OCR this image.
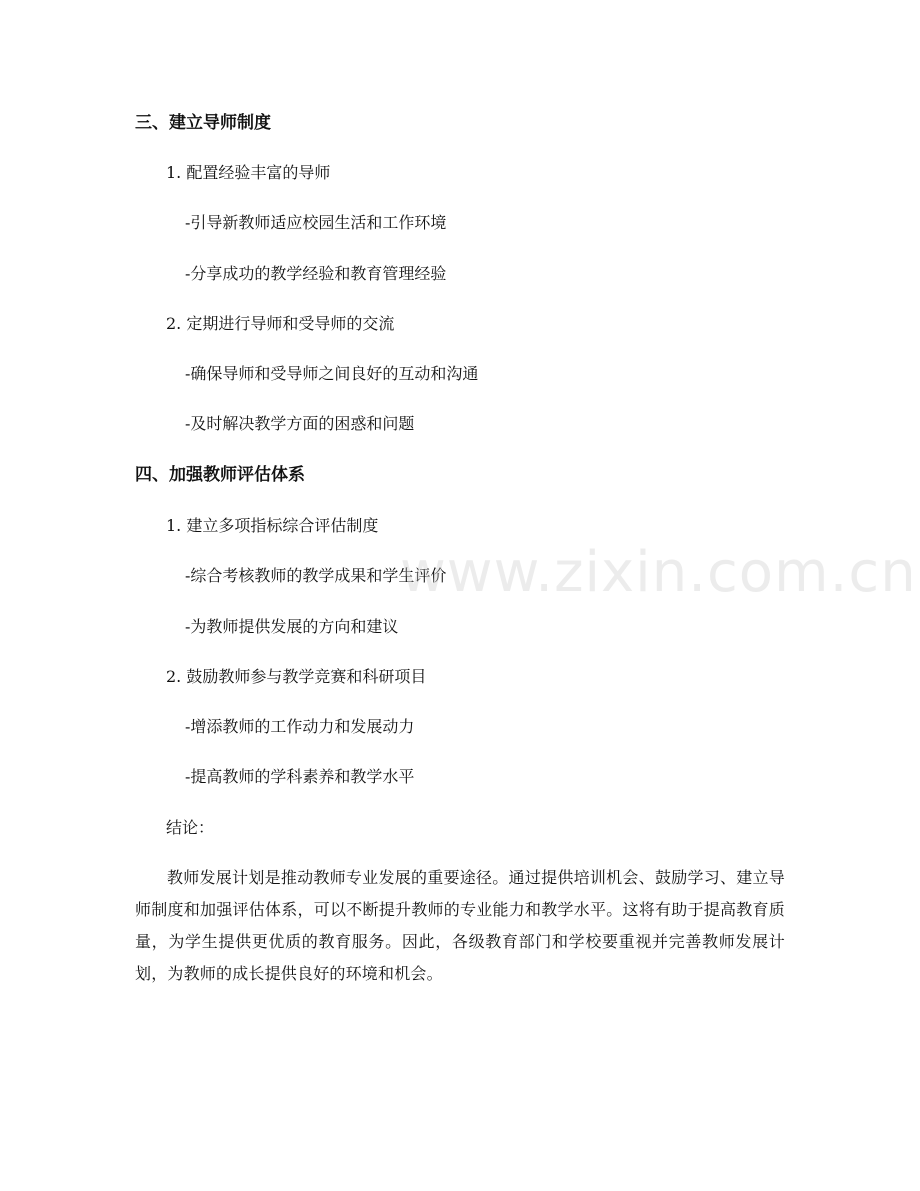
三、建立导师制度
1. 配置经验丰富的导师
-引导新教师适应校园生活和工作环境
-分享成功的教学经验和教育管理经验
2. 定期进行导师和受导师的交流
-确保导师和受导师之间良好的互动和沟通
-及时解决教学方面的困惑和问题
四、加强教师评估体系
1. 建立多项指标综合评估制度
-综合考核教师的教学成果和学生评价
-为教师提供发展的方向和建议
2. 鼓励教师参与教学竞赛和科研项目
-增添教师的工作动力和发展动力
-提高教师的学科素养和教学水平
结论：
教师发展计划是推动教师专业发展的重要途径。通过提供培训机会、鼓励学习、建立导师制度和加强评估体系，可以不断提升教师的专业能力和教学水平。这将有助于提高教育质量，为学生提供更优质的教育服务。因此，各级教育部门和学校要重视并完善教师发展计划，为教师的成长提供良好的环境和机会。
www.zixin.com.cn
